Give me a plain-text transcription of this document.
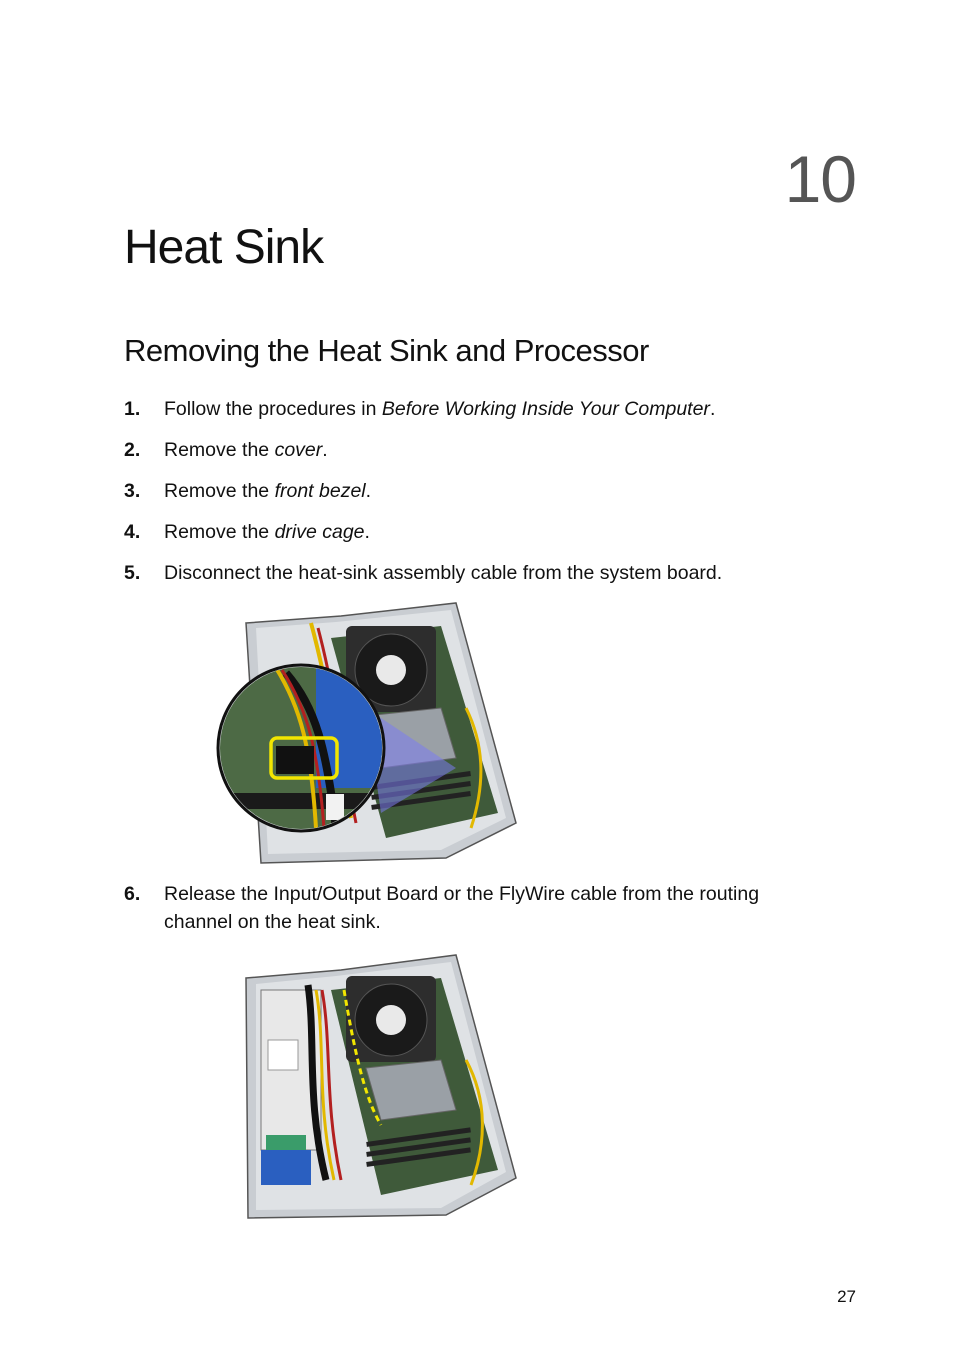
10
Heat Sink
Removing the Heat Sink and Processor
1. Follow the procedures in Before Working Inside Your Computer.
2. Remove the cover.
3. Remove the front bezel.
4. Remove the drive cage.
5. Disconnect the heat-sink assembly cable from the system board.
6. Release the Input/Output Board or the FlyWire cable from the routing channel on the heat sink.
27
